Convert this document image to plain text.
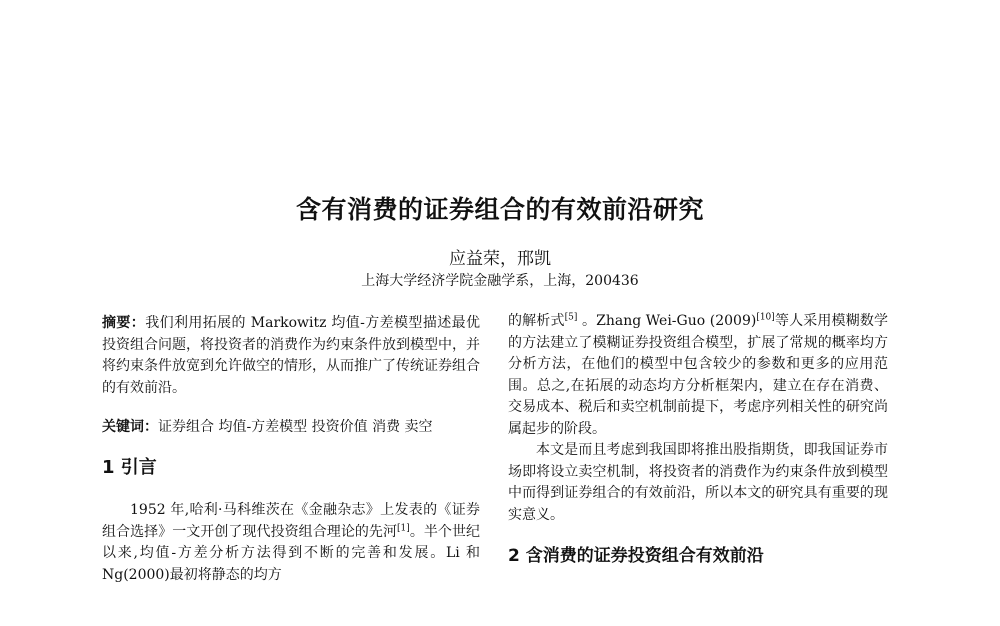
含有消费的证券组合的有效前沿研究
应益荣，邢凯
上海大学经济学院金融学系，上海，200436

摘要：我们利用拓展的 Markowitz 均值-方差模型描述最优投资组合问题，将投资者的消费作为约束条件放到模型中，并将约束条件放宽到允许做空的情形，从而推广了传统证券组合的有效前沿。

关键词：证券组合 均值-方差模型 投资价值 消费 卖空

1 引言

1952 年,哈利·马科维茨在《金融杂志》上发表的《证券组合选择》一文开创了现代投资组合理论的先河[1]。半个世纪以来,均值-方差分析方法得到不断的完善和发展。Li 和 Ng(2000)最初将静态的均方

的解析式[5] 。Zhang Wei-Guo (2009)[10]等人采用模糊数学的方法建立了模糊证券投资组合模型，扩展了常规的概率均方分析方法，在他们的模型中包含较少的参数和更多的应用范围。总之,在拓展的动态均方分析框架内，建立在存在消费、交易成本、税后和卖空机制前提下，考虑序列相关性的研究尚属起步的阶段。

本文是而且考虑到我国即将推出股指期货，即我国证券市场即将设立卖空机制，将投资者的消费作为约束条件放到模型中而得到证券组合的有效前沿，所以本文的研究具有重要的现实意义。

2 含消费的证券投资组合有效前沿
